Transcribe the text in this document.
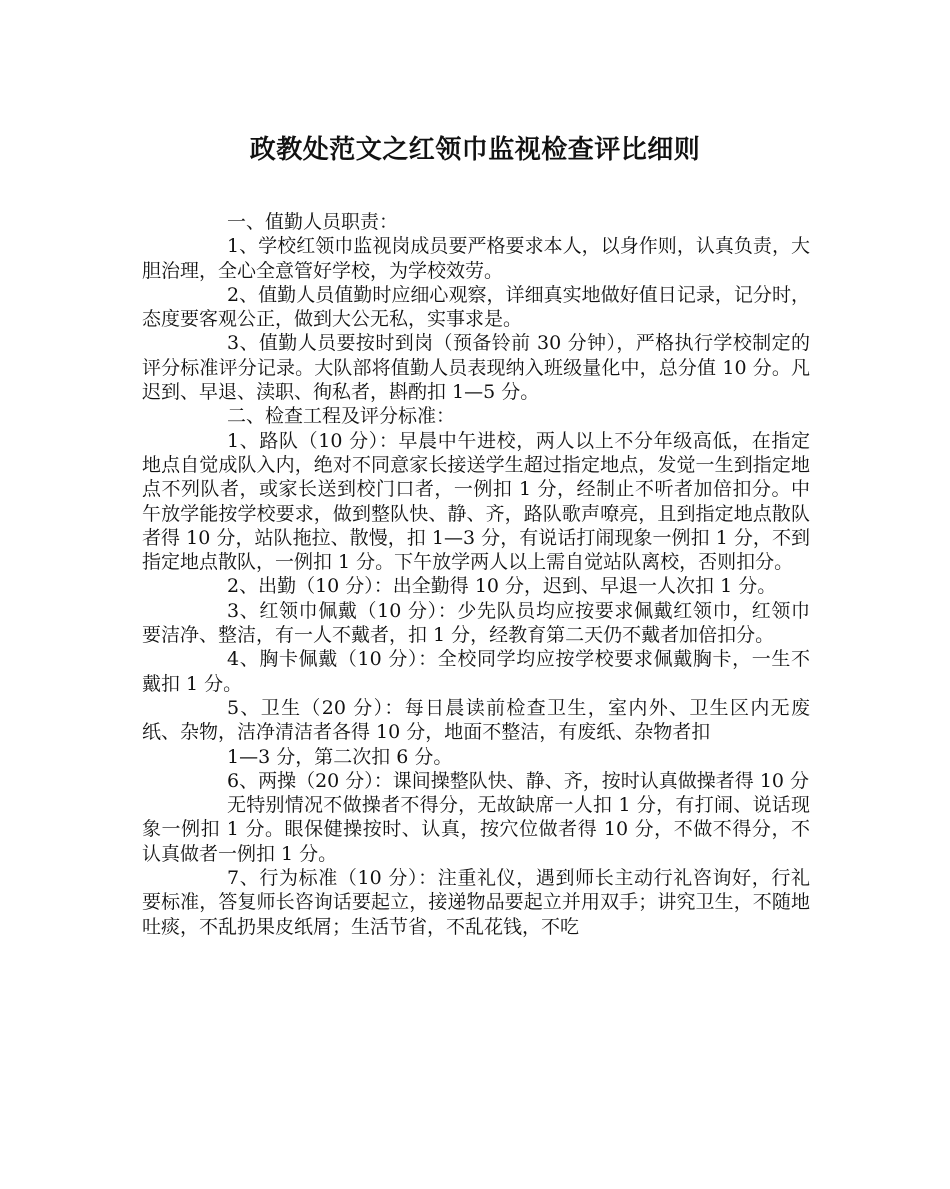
政教处范文之红领巾监视检查评比细则

一、值勤人员职责：

1、学校红领巾监视岗成员要严格要求本人，以身作则，认真负责，大胆治理，全心全意管好学校，为学校效劳。

2、值勤人员值勤时应细心观察，详细真实地做好值日记录，记分时，态度要客观公正，做到大公无私，实事求是。

3、值勤人员要按时到岗（预备铃前 30 分钟），严格执行学校制定的评分标准评分记录。大队部将值勤人员表现纳入班级量化中，总分值 10 分。凡迟到、早退、渎职、徇私者，斟酌扣 1—5 分。

二、检查工程及评分标准：

1、路队（10 分）：早晨中午进校，两人以上不分年级高低，在指定地点自觉成队入内，绝对不同意家长接送学生超过指定地点，发觉一生到指定地点不列队者，或家长送到校门口者，一例扣 1 分，经制止不听者加倍扣分。中午放学能按学校要求，做到整队快、静、齐，路队歌声嘹亮，且到指定地点散队者得 10 分，站队拖拉、散慢，扣 1—3 分，有说话打闹现象一例扣 1 分，不到指定地点散队，一例扣 1 分。下午放学两人以上需自觉站队离校，否则扣分。

2、出勤（10 分）：出全勤得 10 分，迟到、早退一人次扣 1 分。

3、红领巾佩戴（10 分）：少先队员均应按要求佩戴红领巾，红领巾要洁净、整洁，有一人不戴者，扣 1 分，经教育第二天仍不戴者加倍扣分。

4、胸卡佩戴（10 分）：全校同学均应按学校要求佩戴胸卡，一生不戴扣 1 分。

5、卫生（20 分）：每日晨读前检查卫生，室内外、卫生区内无废纸、杂物，洁净清洁者各得 10 分，地面不整洁，有废纸、杂物者扣

1—3 分，第二次扣 6 分。

6、两操（20 分）：课间操整队快、静、齐，按时认真做操者得 10 分

无特别情况不做操者不得分，无故缺席一人扣 1 分，有打闹、说话现象一例扣 1 分。眼保健操按时、认真，按穴位做者得 10 分，不做不得分，不认真做者一例扣 1 分。

7、行为标准（10 分）：注重礼仪，遇到师长主动行礼咨询好，行礼要标准，答复师长咨询话要起立，接递物品要起立并用双手；讲究卫生，不随地吐痰，不乱扔果皮纸屑；生活节省，不乱花钱，不吃
